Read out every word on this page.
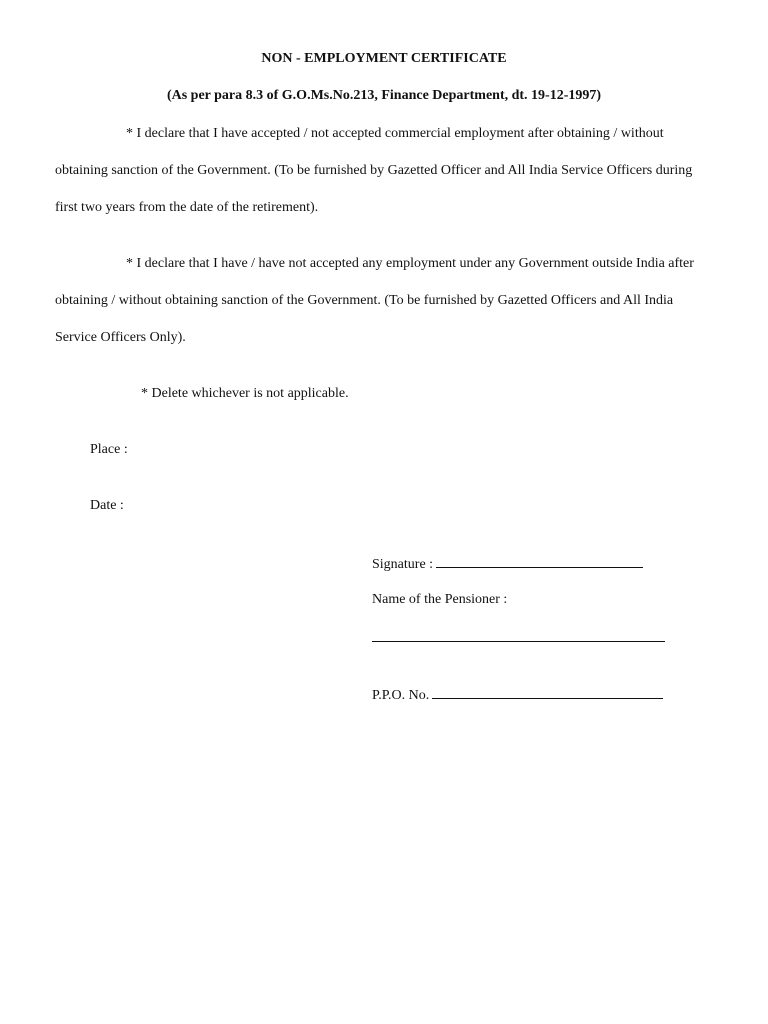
NON - EMPLOYMENT CERTIFICATE
(As per para 8.3 of G.O.Ms.No.213, Finance Department, dt. 19-12-1997)
* I declare that I have accepted / not accepted commercial employment after obtaining / without
obtaining sanction of the Government. (To be furnished by Gazetted Officer and All India Service Officers during
first two years from the date of the retirement).
* I declare that I have / have not accepted any employment under any Government outside India after
obtaining / without obtaining sanction of the Government. (To be furnished by Gazetted Officers and All India
Service Officers Only).
* Delete whichever is not applicable.
Place :
Date :
Signature :
Name of the Pensioner :
P.P.O. No.
